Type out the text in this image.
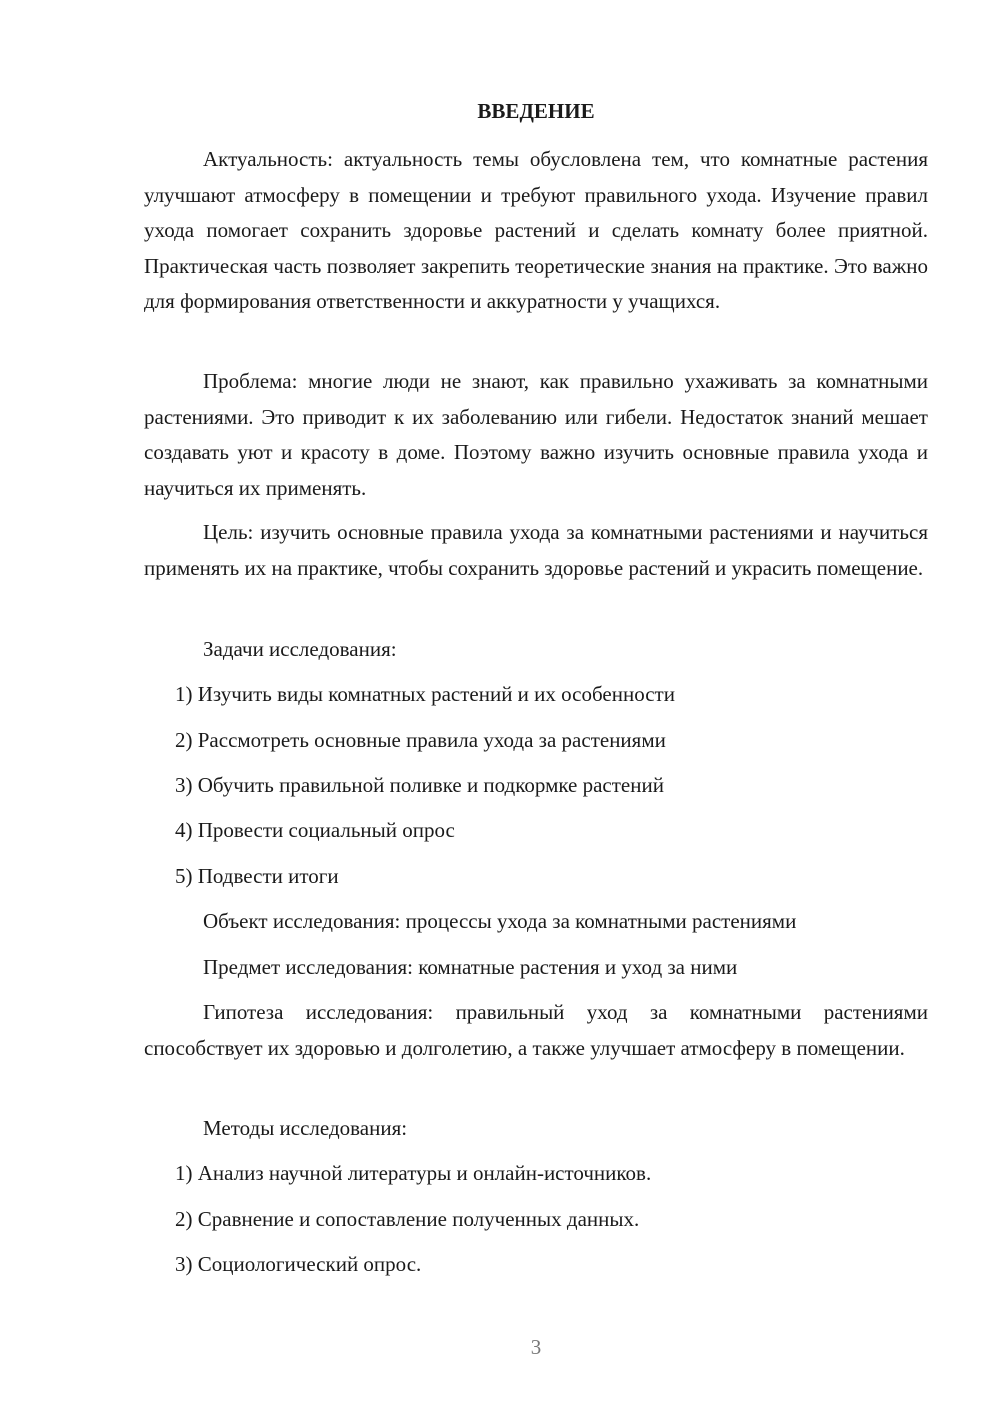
ВВЕДЕНИЕ

Актуальность: актуальность темы обусловлена тем, что комнатные растения улучшают атмосферу в помещении и требуют правильного ухода. Изучение правил ухода помогает сохранить здоровье растений и сделать комнату более приятной. Практическая часть позволяет закрепить теоретические знания на практике. Это важно для формирования ответственности и аккуратности у учащихся.

Проблема: многие люди не знают, как правильно ухаживать за комнатными растениями. Это приводит к их заболеванию или гибели. Недостаток знаний мешает создавать уют и красоту в доме. Поэтому важно изучить основные правила ухода и научиться их применять.

Цель: изучить основные правила ухода за комнатными растениями и научиться применять их на практике, чтобы сохранить здоровье растений и украсить помещение.

Задачи исследования:

1) Изучить виды комнатных растений и их особенности

2) Рассмотреть основные правила ухода за растениями

3) Обучить правильной поливке и подкормке растений

4) Провести социальный опрос

5) Подвести итоги

Объект исследования: процессы ухода за комнатными растениями

Предмет исследования: комнатные растения и уход за ними

Гипотеза исследования: правильный уход за комнатными растениями способствует их здоровью и долголетию, а также улучшает атмосферу в помещении.

Методы исследования:

1) Анализ научной литературы и онлайн-источников.

2) Сравнение и сопоставление полученных данных.

3) Социологический опрос.

3
